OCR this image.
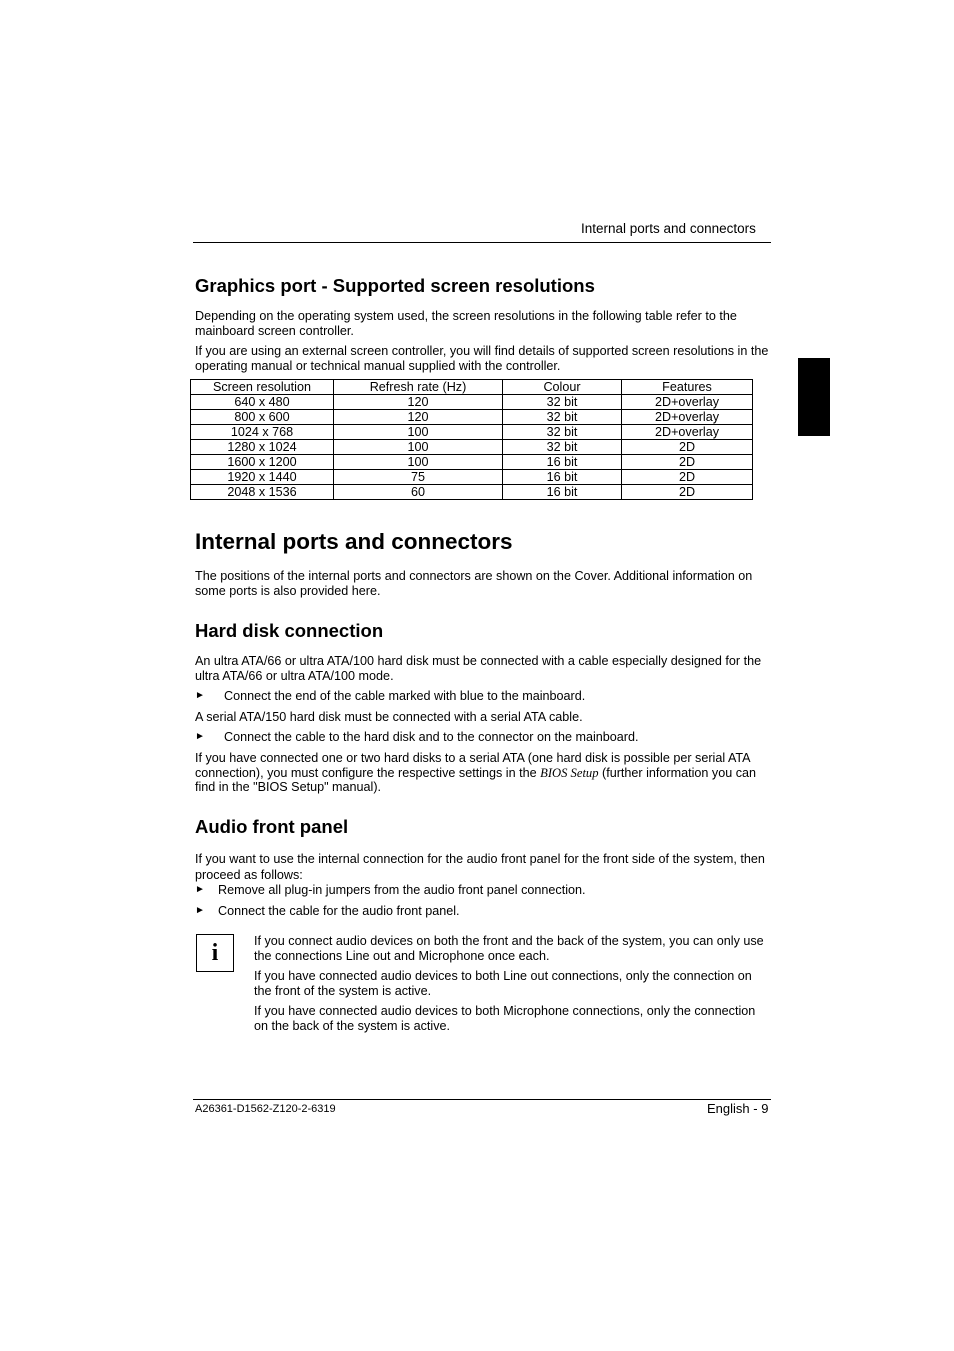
Internal ports and connectors
Graphics port - Supported screen resolutions

Depending on the operating system used, the screen resolutions in the following table refer to the mainboard screen controller.

If you are using an external screen controller, you will find details of supported screen resolutions in the operating manual or technical manual supplied with the controller.

Screen resolution	Refresh rate (Hz)	Colour	Features
640 x 480	120	32 bit	2D+overlay
800 x 600	120	32 bit	2D+overlay
1024 x 768	100	32 bit	2D+overlay
1280 x 1024	100	32 bit	2D
1600 x 1200	100	16 bit	2D
1920 x 1440	75	16 bit	2D
2048 x 1536	60	16 bit	2D
Internal ports and connectors

The positions of the internal ports and connectors are shown on the Cover. Additional information on some ports is also provided here.

Hard disk connection

An ultra ATA/66 or ultra ATA/100 hard disk must be connected with a cable especially designed for the ultra ATA/66 or ultra ATA/100 mode.

► Connect the end of the cable marked with blue to the mainboard.

A serial ATA/150 hard disk must be connected with a serial ATA cable.

► Connect the cable to the hard disk and to the connector on the mainboard.

If you have connected one or two hard disks to a serial ATA (one hard disk is possible per serial ATA connection), you must configure the respective settings in the BIOS Setup (further information you can find in the "BIOS Setup" manual).

Audio front panel

If you want to use the internal connection for the audio front panel for the front side of the system, then proceed as follows:

► Remove all plug-in jumpers from the audio front panel connection.
► Connect the cable for the audio front panel.
i	If you connect audio devices on both the front and the back of the system, you can only use the connections Line out and Microphone once each.

If you have connected audio devices to both Line out connections, only the connection on the front of the system is active.

If you have connected audio devices to both Microphone connections, only the connection on the back of the system is active.

A26361-D1562-Z120-2-6319	English - 9
